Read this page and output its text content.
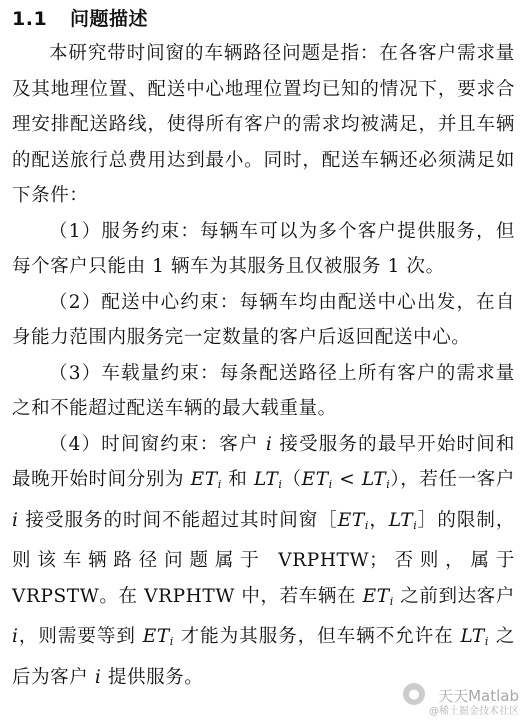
1.1 问题描述

本研究带时间窗的车辆路径问题是指：在各客户需求量及其地理位置、配送中心地理位置均已知的情况下，要求合理安排配送路线，使得所有客户的需求均被满足，并且车辆的配送旅行总费用达到最小。同时，配送车辆还必须满足如下条件：

（1）服务约束：每辆车可以为多个客户提供服务，但每个客户只能由 1 辆车为其服务且仅被服务 1 次。

（2）配送中心约束：每辆车均由配送中心出发，在自身能力范围内服务完一定数量的客户后返回配送中心。

（3）车载量约束：每条配送路径上所有客户的需求量之和不能超过配送车辆的最大载重量。

（4）时间窗约束：客户 i 接受服务的最早开始时间和最晚开始时间分别为 $ET_i$ 和 $LT_i(ET_i < LT_i)$，若任一客户 i 接受服务的时间不能超过其时间窗$[ET_i$，$LT_i]$的限制，则该车辆路径问题属于 VRPHTW；否则，属于 VRPSTW。在 VRPHTW 中，若车辆在 $ET_i$ 之前到达客户 i，则需要等到 $ET_i$ 才能为其服务，但车辆不允许在 $LT_i$ 之后为客户 i 提供服务。

●	天天Matlab
@稀土掘金技术社区
